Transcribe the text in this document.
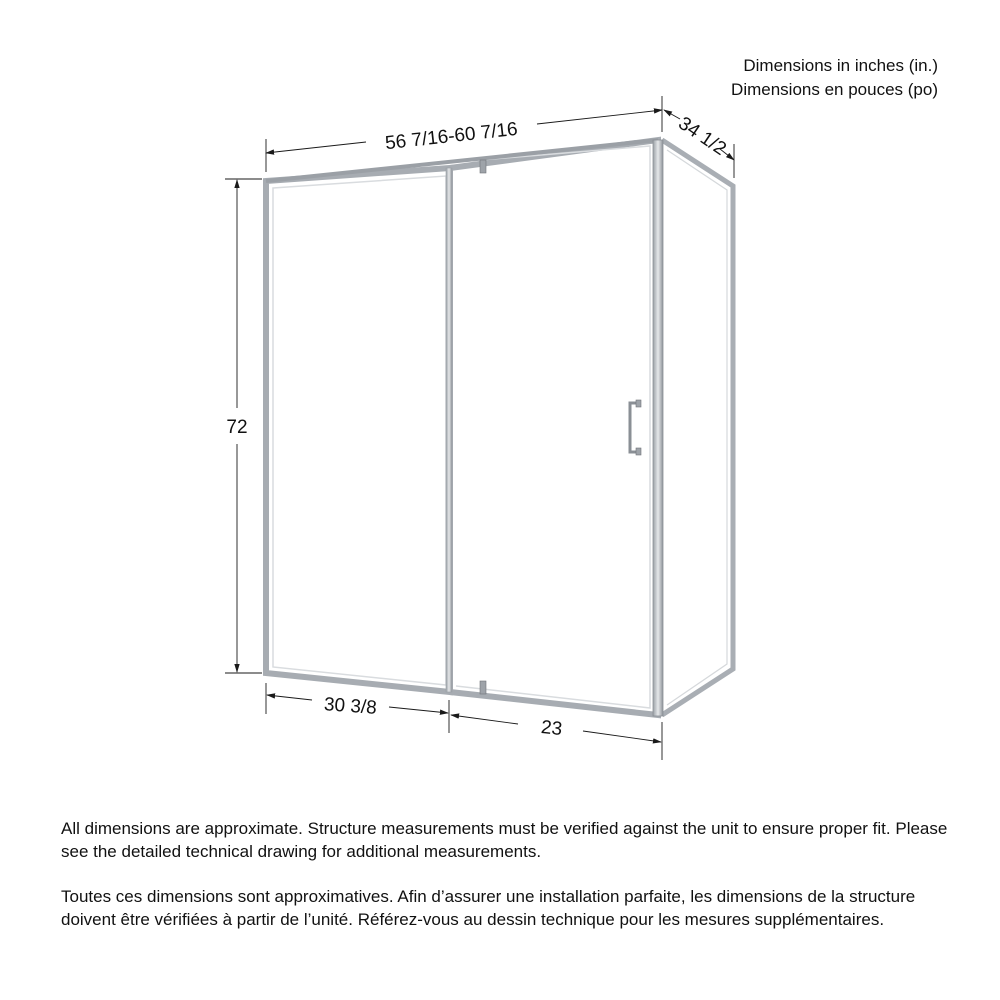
Dimensions in inches (in.)
Dimensions en pouces (po)
56 7/16-60 7/16	34 1/2
72
30 3/8
23
All dimensions are approximate. Structure measurements must be verified against the unit to ensure proper fit. Please see the detailed technical drawing for additional measurements.
Toutes ces dimensions sont approximatives. Afin d’assurer une installation parfaite, les dimensions de la structure doivent être vérifiées à partir de l’unité. Référez-vous au dessin technique pour les mesures supplémentaires.
